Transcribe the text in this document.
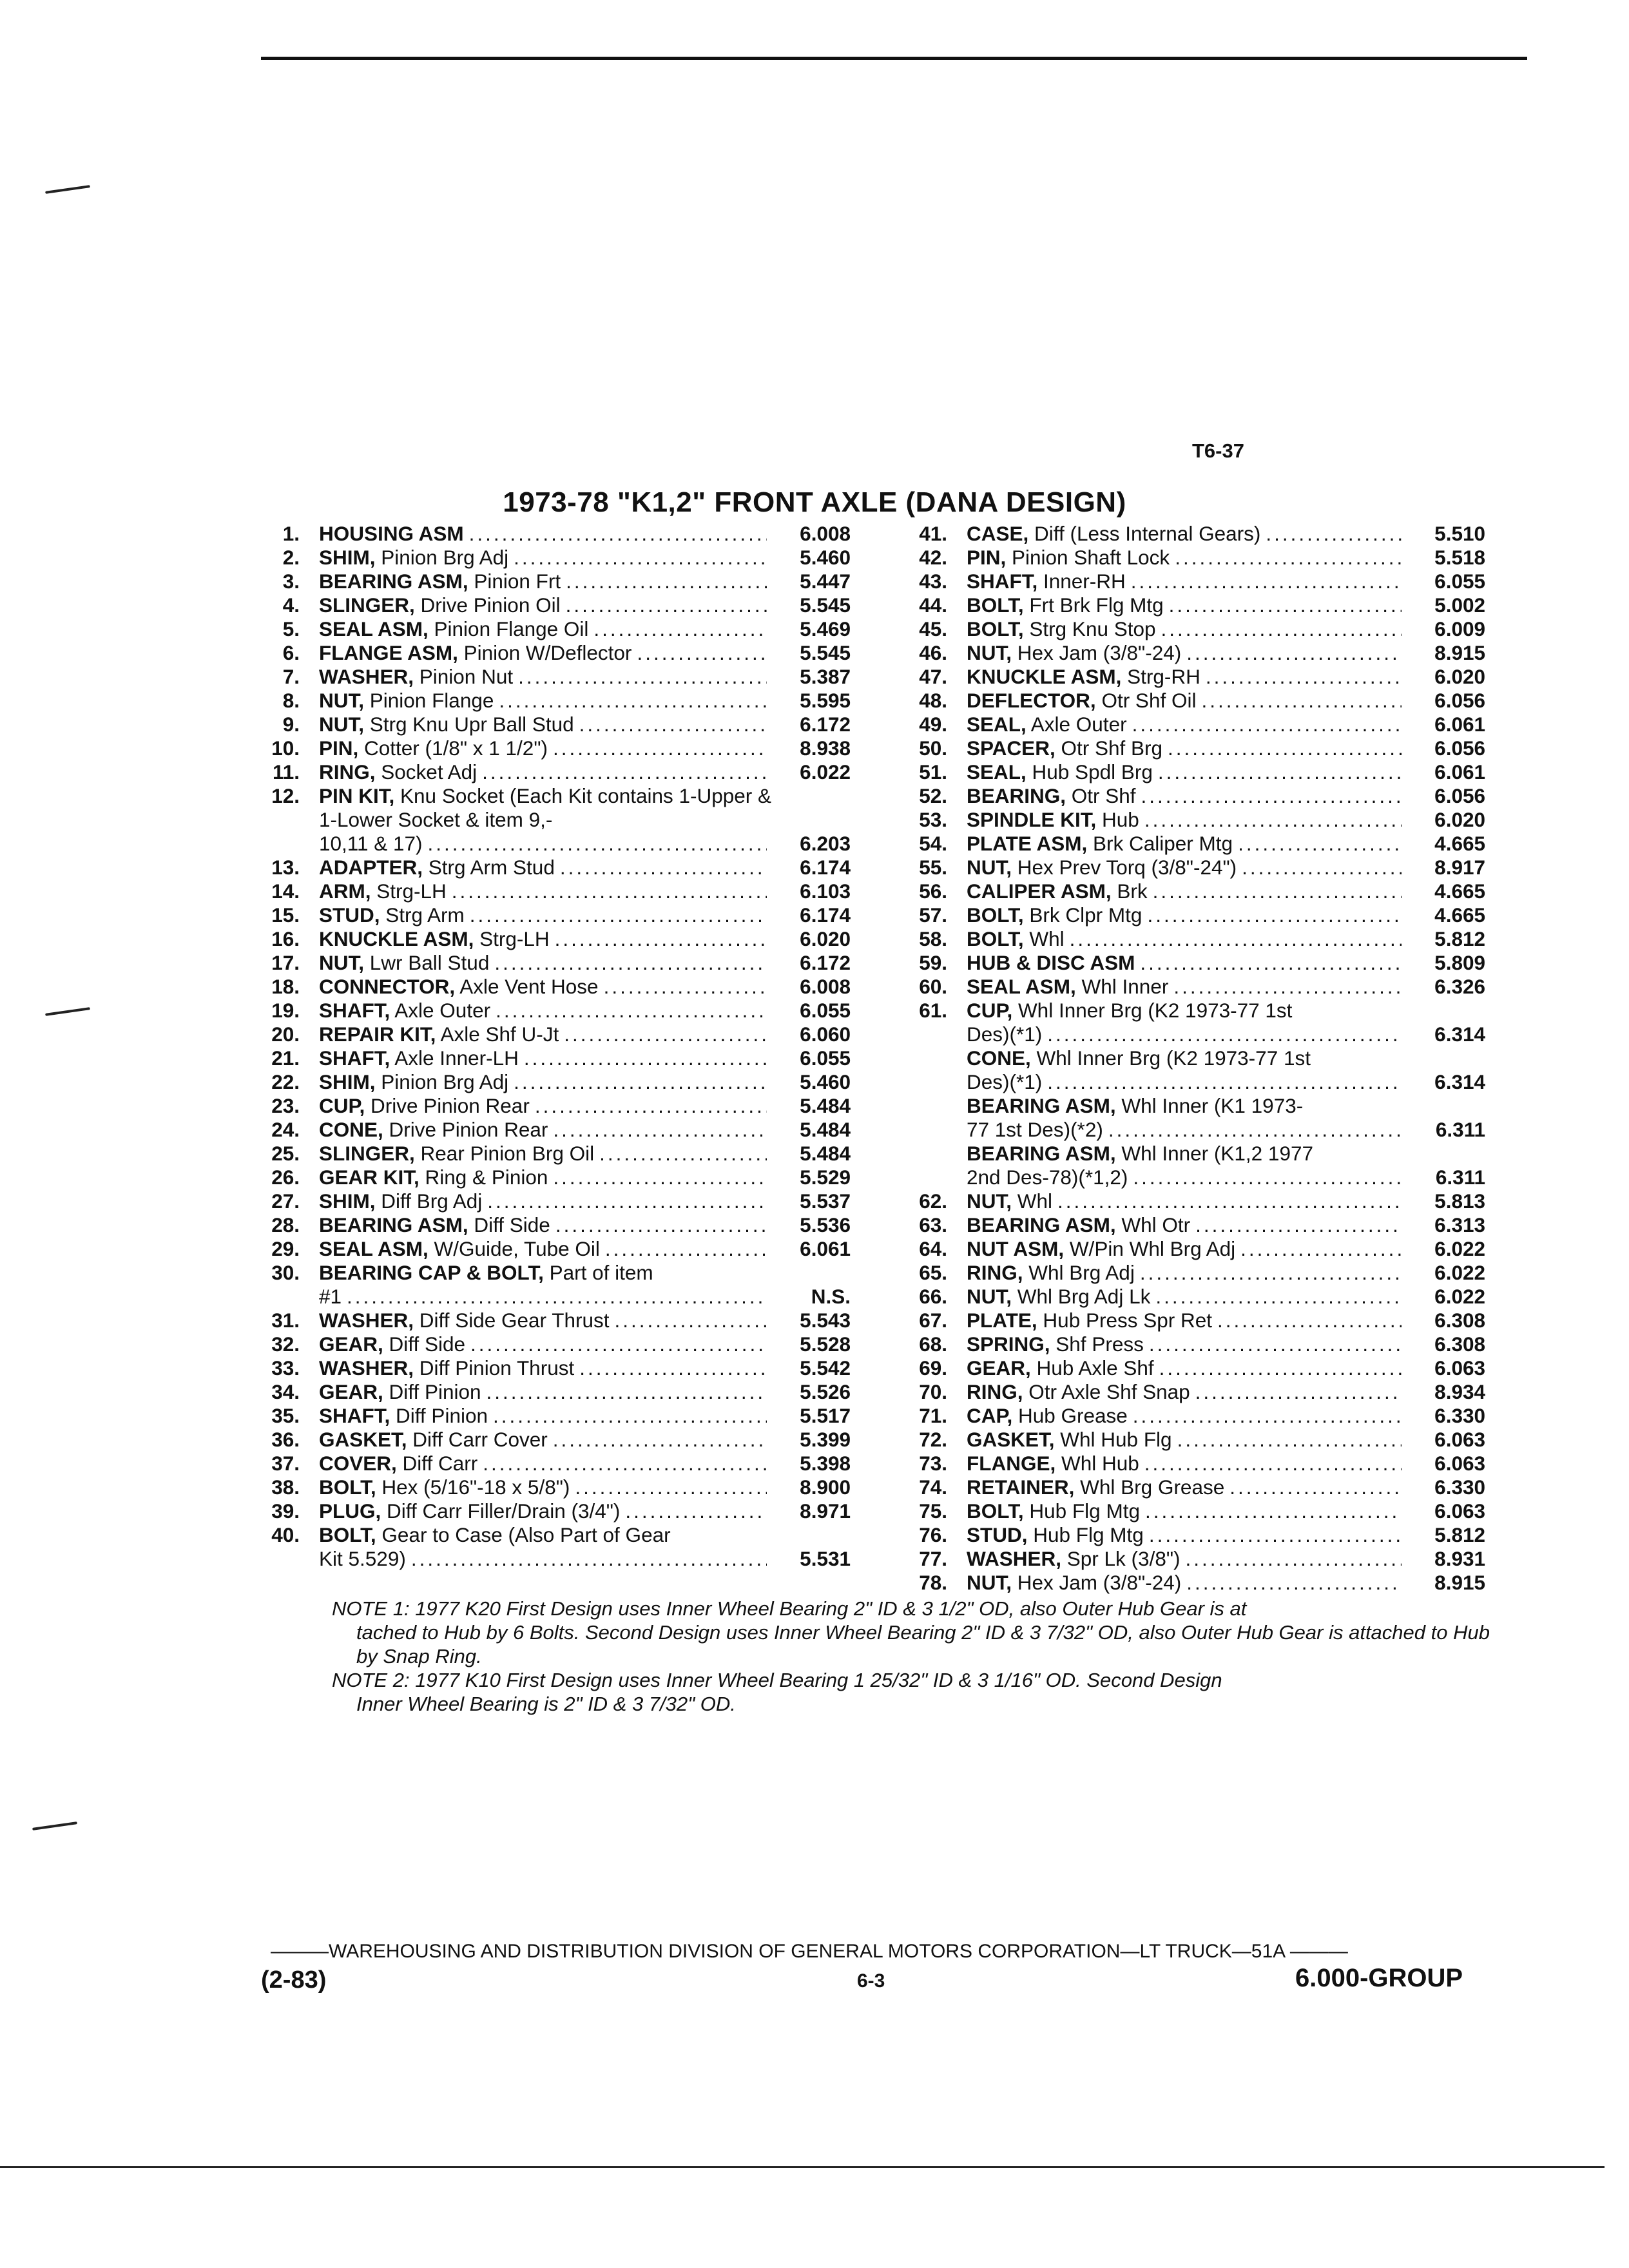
T6-37
1973-78 "K1,2" FRONT AXLE (DANA DESIGN)
1. HOUSING ASM .....	6.008
2. SHIM, Pinion Brg Adj .....	5.460
3. BEARING ASM, Pinion Frt .....	5.447
4. SLINGER, Drive Pinion Oil .....	5.545
5. SEAL ASM, Pinion Flange Oil .....	5.469
6. FLANGE ASM, Pinion W/Deflector .....	5.545
7. WASHER, Pinion Nut .....	5.387
8. NUT, Pinion Flange .....	5.595
9. NUT, Strg Knu Upr Ball Stud .....	6.172
10. PIN, Cotter (1/8" x 1 1/2") .....	8.938
11. RING, Socket Adj .....	6.022
12. PIN KIT, Knu Socket (Each Kit contains 1-Upper & 1-Lower Socket & item 9,-
10,11 & 17) .....	6.203
13. ADAPTER, Strg Arm Stud .....	6.174
14. ARM, Strg-LH .....	6.103
15. STUD, Strg Arm .....	6.174
16. KNUCKLE ASM, Strg-LH .....	6.020
17. NUT, Lwr Ball Stud .....	6.172
18. CONNECTOR, Axle Vent Hose .....	6.008
19. SHAFT, Axle Outer .....	6.055
20. REPAIR KIT, Axle Shf U-Jt .....	6.060
21. SHAFT, Axle Inner-LH .....	6.055
22. SHIM, Pinion Brg Adj .....	5.460
23. CUP, Drive Pinion Rear .....	5.484
24. CONE, Drive Pinion Rear .....	5.484
25. SLINGER, Rear Pinion Brg Oil .....	5.484
26. GEAR KIT, Ring & Pinion .....	5.529
27. SHIM, Diff Brg Adj .....	5.537
28. BEARING ASM, Diff Side .....	5.536
29. SEAL ASM, W/Guide, Tube Oil .....	6.061
30. BEARING CAP & BOLT, Part of item
#1 .....	N.S.
31. WASHER, Diff Side Gear Thrust .....	5.543
32. GEAR, Diff Side .....	5.528
33. WASHER, Diff Pinion Thrust .....	5.542
34. GEAR, Diff Pinion .....	5.526
35. SHAFT, Diff Pinion .....	5.517
36. GASKET, Diff Carr Cover .....	5.399
37. COVER, Diff Carr .....	5.398
38. BOLT, Hex (5/16"-18 x 5/8") .....	8.900
39. PLUG, Diff Carr Filler/Drain (3/4") .....	8.971
40. BOLT, Gear to Case (Also Part of Gear
Kit 5.529) .....	5.531
41. CASE, Diff (Less Internal Gears) .....	5.510
42. PIN, Pinion Shaft Lock .....	5.518
43. SHAFT, Inner-RH .....	6.055
44. BOLT, Frt Brk Flg Mtg .....	5.002
45. BOLT, Strg Knu Stop .....	6.009
46. NUT, Hex Jam (3/8"-24) .....	8.915
47. KNUCKLE ASM, Strg-RH .....	6.020
48. DEFLECTOR, Otr Shf Oil .....	6.056
49. SEAL, Axle Outer .....	6.061
50. SPACER, Otr Shf Brg .....	6.056
51. SEAL, Hub Spdl Brg .....	6.061
52. BEARING, Otr Shf .....	6.056
53. SPINDLE KIT, Hub .....	6.020
54. PLATE ASM, Brk Caliper Mtg .....	4.665
55. NUT, Hex Prev Torq (3/8"-24") .....	8.917
56. CALIPER ASM, Brk .....	4.665
57. BOLT, Brk Clpr Mtg .....	4.665
58. BOLT, Whl .....	5.812
59. HUB & DISC ASM .....	5.809
60. SEAL ASM, Whl Inner .....	6.326
61. CUP, Whl Inner Brg (K2 1973-77 1st
Des)(*1) .....	6.314
CONE, Whl Inner Brg (K2 1973-77 1st
Des)(*1) .....	6.314
BEARING ASM, Whl Inner (K1 1973-
77 1st Des)(*2) .....	6.311
BEARING ASM, Whl Inner (K1,2 1977
2nd Des-78)(*1,2) .....	6.311
62. NUT, Whl .....	5.813
63. BEARING ASM, Whl Otr .....	6.313
64. NUT ASM, W/Pin Whl Brg Adj .....	6.022
65. RING, Whl Brg Adj .....	6.022
66. NUT, Whl Brg Adj Lk .....	6.022
67. PLATE, Hub Press Spr Ret .....	6.308
68. SPRING, Shf Press .....	6.308
69. GEAR, Hub Axle Shf .....	6.063
70. RING, Otr Axle Shf Snap .....	8.934
71. CAP, Hub Grease .....	6.330
72. GASKET, Whl Hub Flg .....	6.063
73. FLANGE, Whl Hub .....	6.063
74. RETAINER, Whl Brg Grease .....	6.330
75. BOLT, Hub Flg Mtg .....	6.063
76. STUD, Hub Flg Mtg .....	5.812
77. WASHER, Spr Lk (3/8") .....	8.931
78. NUT, Hex Jam (3/8"-24) .....	8.915
NOTE 1: 1977 K20 First Design uses Inner Wheel Bearing 2" ID & 3 1/2" OD, also Outer Hub Gear is at
tached to Hub by 6 Bolts. Second Design uses Inner Wheel Bearing 2" ID & 3 7/32" OD, also Outer Hub Gear is attached to Hub by Snap Ring.
NOTE 2: 1977 K10 First Design uses Inner Wheel Bearing 1 25/32" ID & 3 1/16" OD. Second Design
Inner Wheel Bearing is 2" ID & 3 7/32" OD.
———WAREHOUSING AND DISTRIBUTION DIVISION OF GENERAL MOTORS CORPORATION—LT TRUCK—51A ———
(2-83)	6-3	6.000-GROUP
